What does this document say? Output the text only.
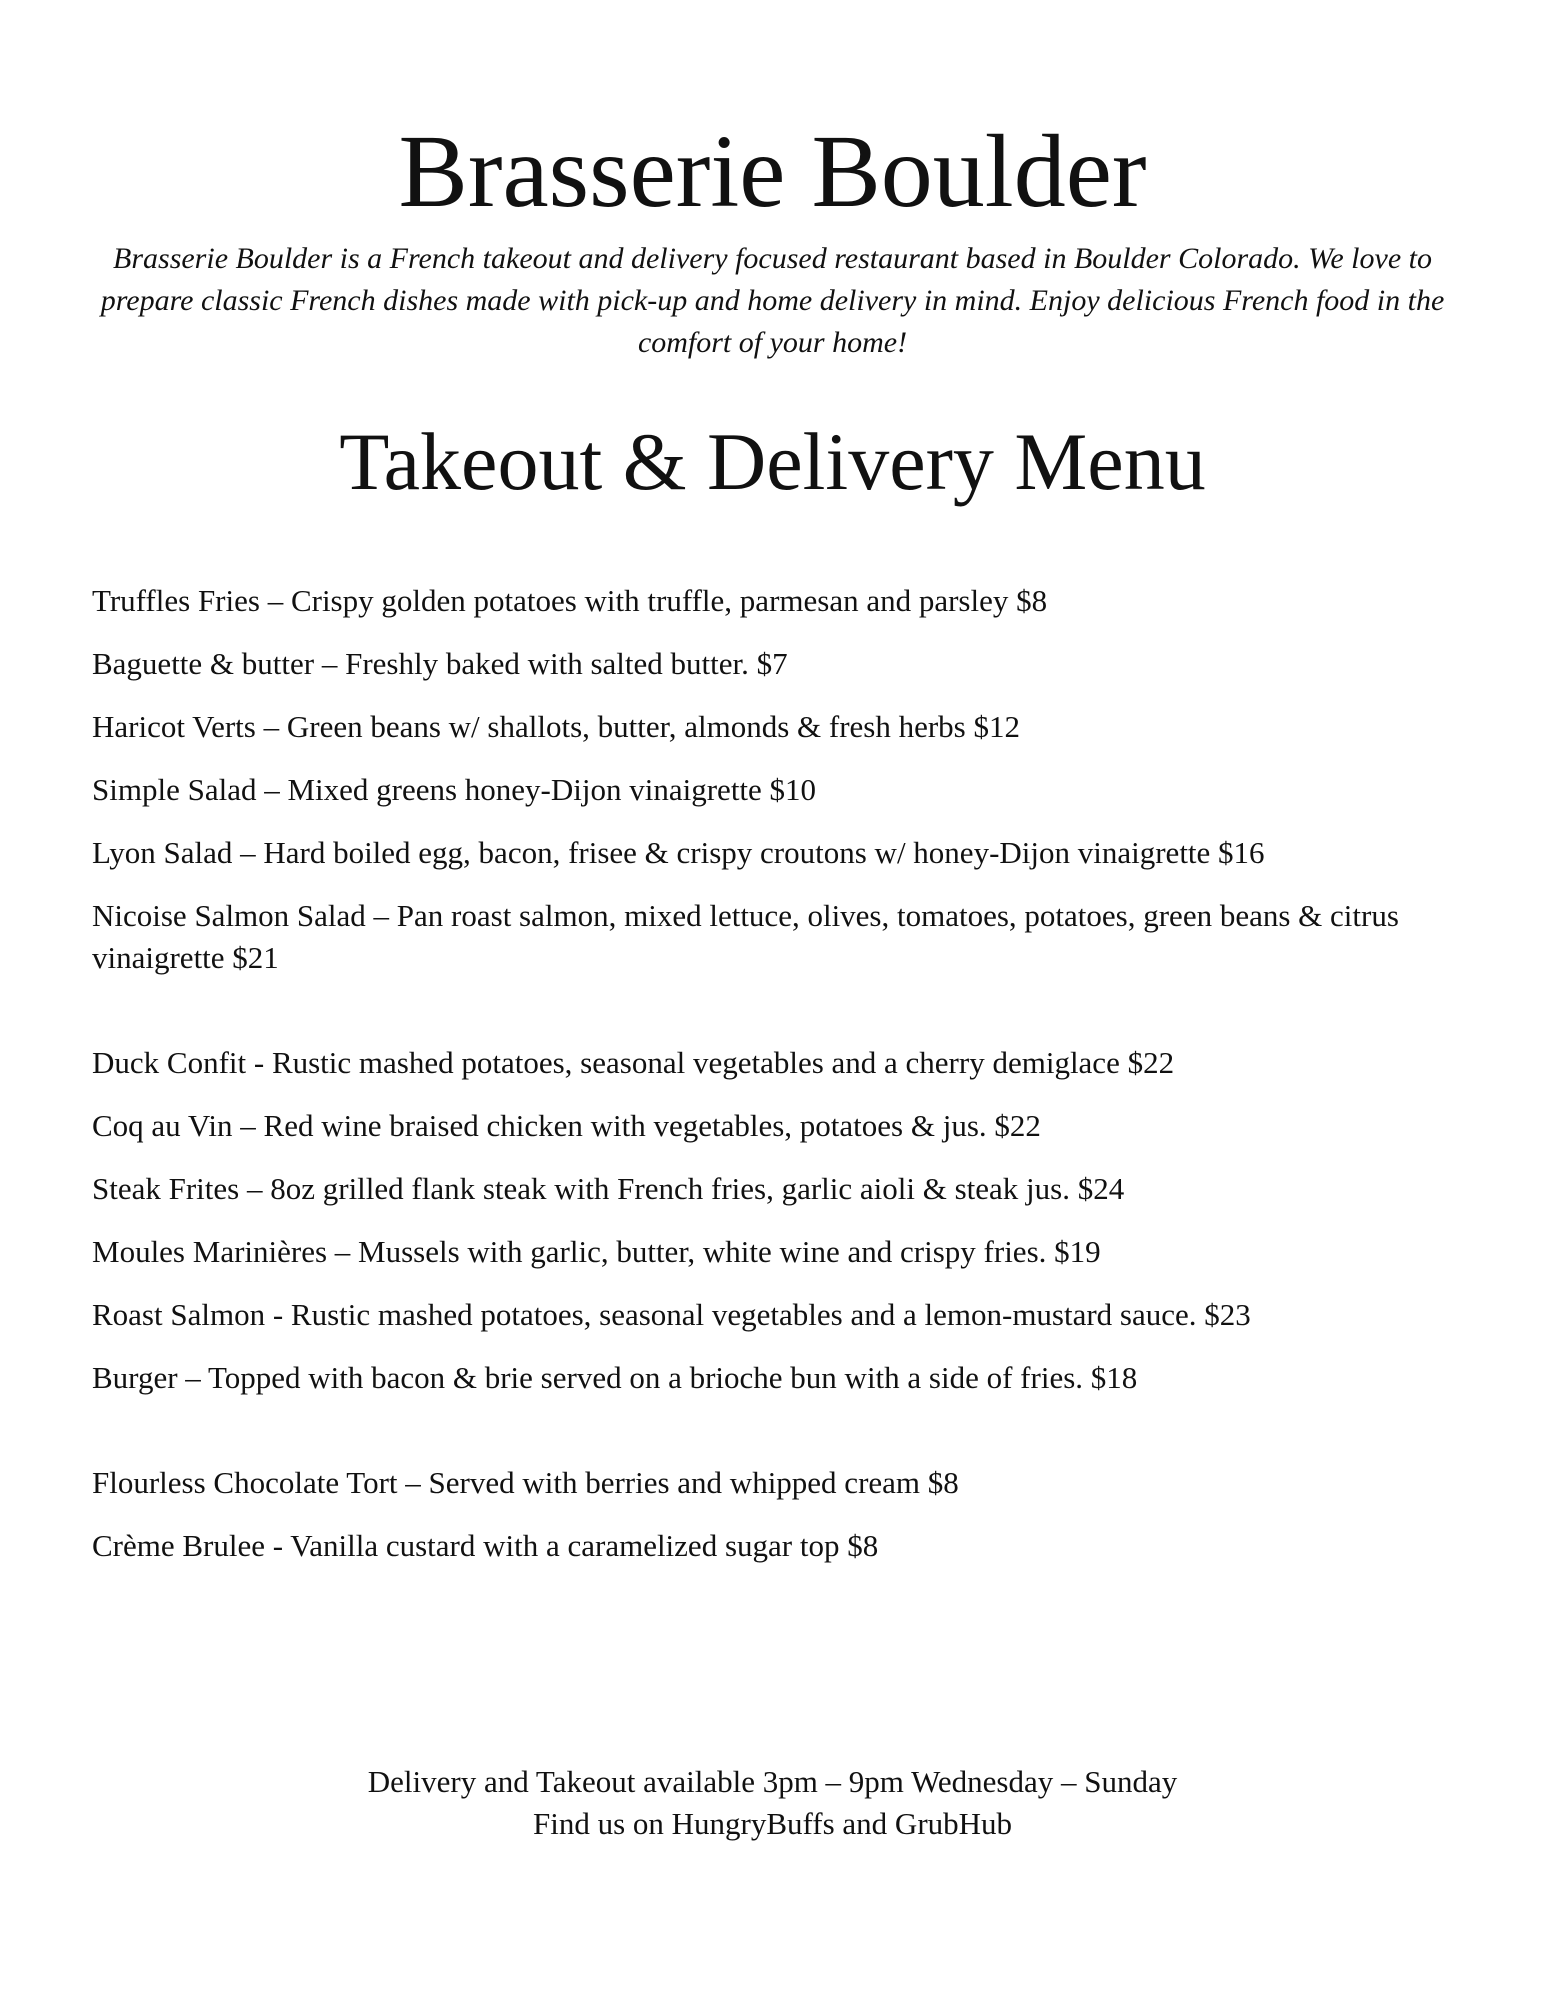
Brasserie Boulder

Brasserie Boulder is a French takeout and delivery focused restaurant based in Boulder Colorado. We love to prepare classic French dishes made with pick-up and home delivery in mind. Enjoy delicious French food in the comfort of your home!

Takeout & Delivery Menu

Truffles Fries – Crispy golden potatoes with truffle, parmesan and parsley $8

Baguette & butter – Freshly baked with salted butter. $7

Haricot Verts – Green beans w/ shallots, butter, almonds & fresh herbs $12

Simple Salad – Mixed greens honey-Dijon vinaigrette $10

Lyon Salad – Hard boiled egg, bacon, frisee & crispy croutons w/ honey-Dijon vinaigrette $16

Nicoise Salmon Salad – Pan roast salmon, mixed lettuce, olives, tomatoes, potatoes, green beans & citrus vinaigrette $21

Duck Confit - Rustic mashed potatoes, seasonal vegetables and a cherry demiglace $22

Coq au Vin – Red wine braised chicken with vegetables, potatoes & jus. $22

Steak Frites – 8oz grilled flank steak with French fries, garlic aioli & steak jus. $24

Moules Marinières – Mussels with garlic, butter, white wine and crispy fries. $19

Roast Salmon - Rustic mashed potatoes, seasonal vegetables and a lemon-mustard sauce. $23

Burger – Topped with bacon & brie served on a brioche bun with a side of fries. $18

Flourless Chocolate Tort – Served with berries and whipped cream $8

Crème Brulee - Vanilla custard with a caramelized sugar top $8

Delivery and Takeout available 3pm – 9pm Wednesday – Sunday
Find us on HungryBuffs and GrubHub
